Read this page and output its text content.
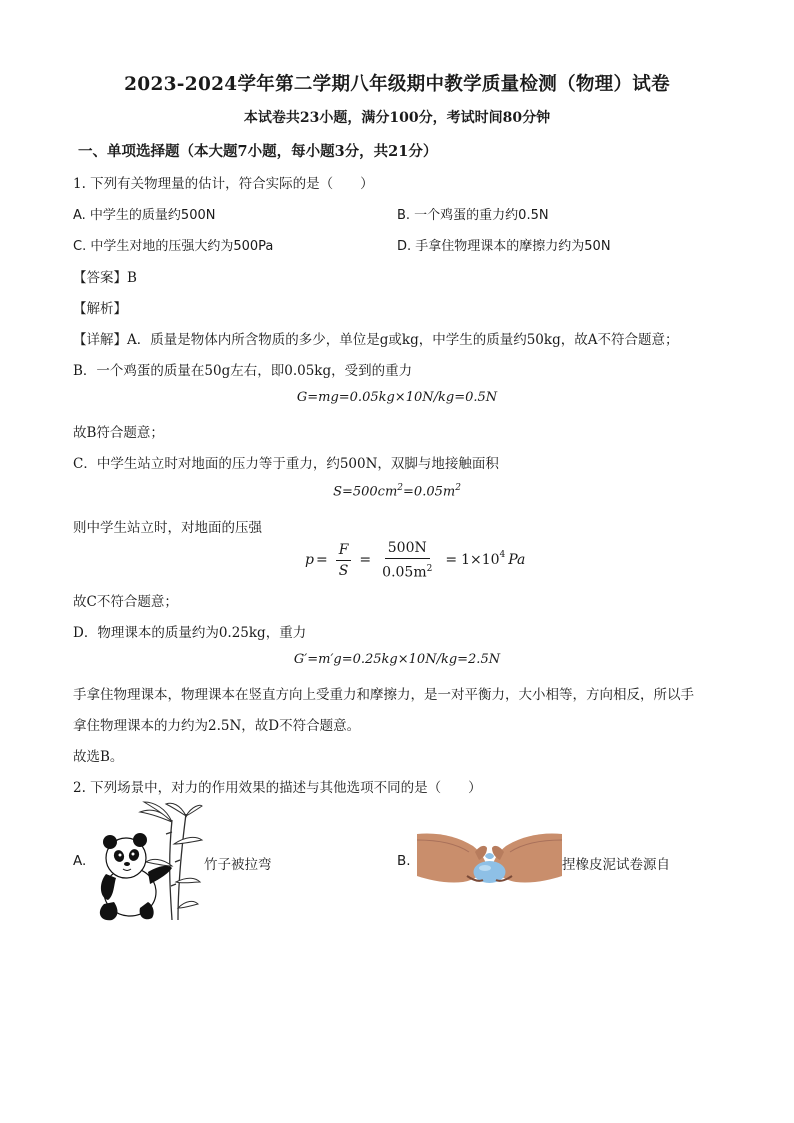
2023-2024学年第二学期八年级期中教学质量检测（物理）试卷
本试卷共23小题，满分100分，考试时间80分钟
一、单项选择题（本大题7小题，每小题3分，共21分）
1. 下列有关物理量的估计，符合实际的是（　　）
A. 中学生的质量约500N	B. 一个鸡蛋的重力约0.5N
C. 中学生对地的压强大约为500Pa	D. 手拿住物理课本的摩擦力约为50N
【答案】B
【解析】
【详解】A．质量是物体内所含物质的多少，单位是g或kg，中学生的质量约50kg，故A不符合题意；
B．一个鸡蛋的质量在50g左右，即0.05kg，受到的重力
G=mg=0.05kg×10N/kg=0.5N
故B符合题意；
C．中学生站立时对地面的压力等于重力，约500N，双脚与地接触面积
$S=500cm^2=0.05m^2$
则中学生站立时，对地面的压强
$p = \frac{F}{S} = \frac{500N}{0.05m^2} = 1\times 10^4$ Pa
故C不符合题意；
D．物理课本的质量约为0.25kg，重力
G′=m′g=0.25kg×10N/kg=2.5N
手拿住物理课本，物理课本在竖直方向上受重力和摩擦力，是一对平衡力，大小相等，方向相反，所以手
拿住物理课本的力约为2.5N，故D不符合题意。
故选B。
2. 下列场景中，对力的作用效果的描述与其他选项不同的是（　　）
A.	竹子被拉弯	B.	捏橡皮泥试卷源自
